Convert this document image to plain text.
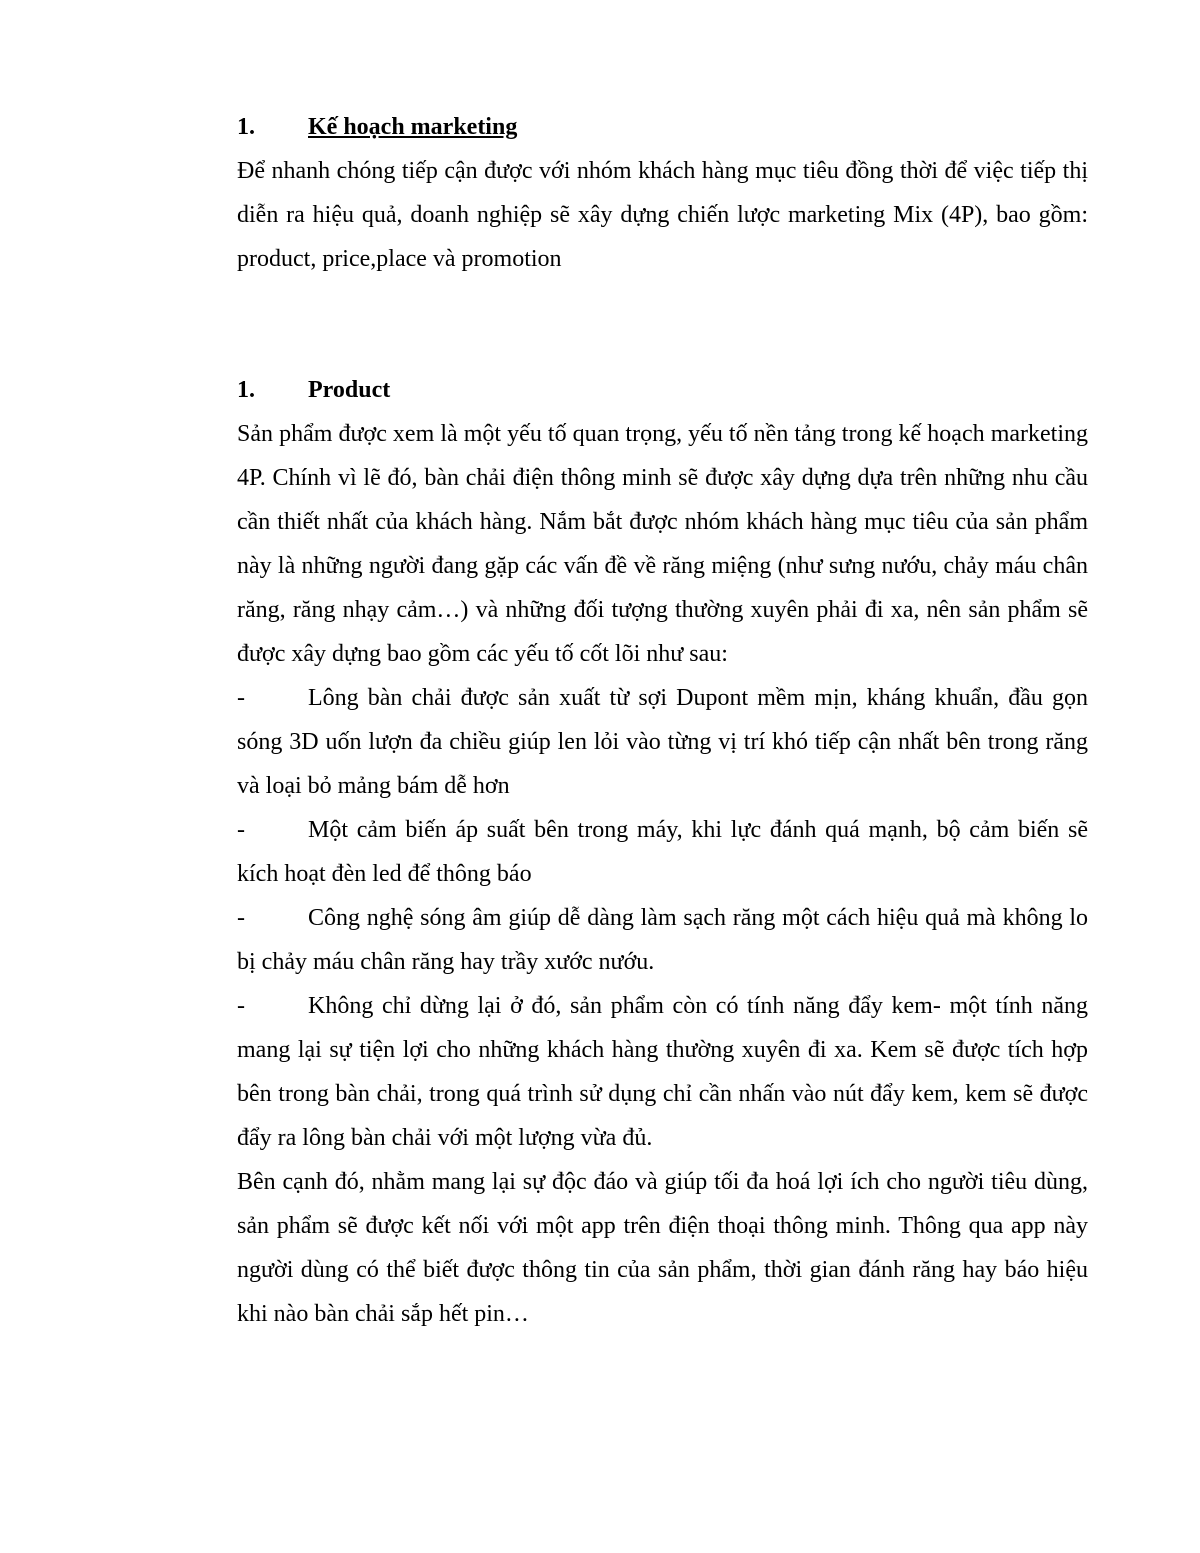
1.	Kế hoạch marketing

Để nhanh chóng tiếp cận được với nhóm khách hàng mục tiêu đồng thời để việc tiếp thị diễn ra hiệu quả, doanh nghiệp sẽ xây dựng chiến lược marketing Mix (4P), bao gồm: product, price,place và promotion

1.	Product

Sản phẩm được xem là một yếu tố quan trọng, yếu tố nền tảng trong kế hoạch marketing 4P. Chính vì lẽ đó, bàn chải điện thông minh sẽ được xây dựng dựa trên những nhu cầu cần thiết nhất của khách hàng. Nắm bắt được nhóm khách hàng mục tiêu của sản phẩm này là những người đang gặp các vấn đề về răng miệng (như sưng nướu, chảy máu chân răng, răng nhạy cảm…) và những đối tượng thường xuyên phải đi xa, nên sản phẩm sẽ được xây dựng bao gồm các yếu tố cốt lõi như sau:

-	Lông bàn chải được sản xuất từ sợi Dupont mềm mịn, kháng khuẩn, đầu gọn sóng 3D uốn lượn đa chiều giúp len lỏi vào từng vị trí khó tiếp cận nhất bên trong răng và loại bỏ mảng bám dễ hơn

-	Một cảm biến áp suất bên trong máy, khi lực đánh quá mạnh, bộ cảm biến sẽ kích hoạt đèn led để thông báo

-	Công nghệ sóng âm giúp dễ dàng làm sạch răng một cách hiệu quả mà không lo bị chảy máu chân răng hay trầy xước nướu.

-	Không chỉ dừng lại ở đó, sản phẩm còn có tính năng đẩy kem- một tính năng mang lại sự tiện lợi cho những khách hàng thường xuyên đi xa. Kem sẽ được tích hợp bên trong bàn chải, trong quá trình sử dụng chỉ cần nhấn vào nút đẩy kem, kem sẽ được đẩy ra lông bàn chải với một lượng vừa đủ.

Bên cạnh đó, nhằm mang lại sự độc đáo và giúp tối đa hoá lợi ích cho người tiêu dùng, sản phẩm sẽ được kết nối với một app trên điện thoại thông minh. Thông qua app này người dùng có thể biết được thông tin của sản phẩm, thời gian đánh răng hay báo hiệu khi nào bàn chải sắp hết pin…
